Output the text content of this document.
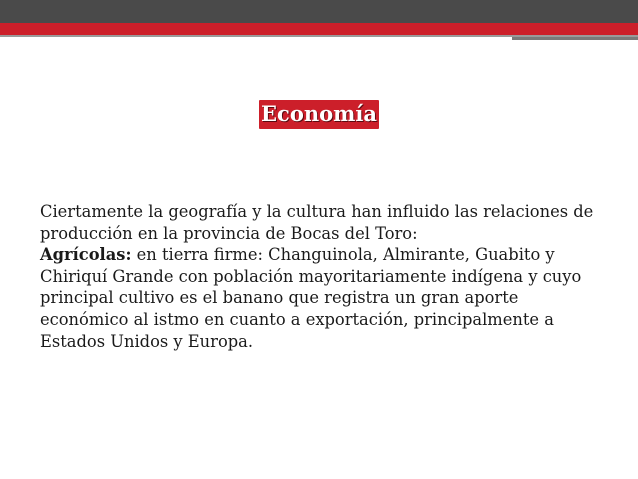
Economía

Ciertamente la geografía y la cultura han influido las relaciones de producción en la provincia de Bocas del Toro:

Agrícolas: en tierra firme: Changuinola, Almirante, Guabito y Chiriquí Grande con población mayoritariamente indígena y cuyo principal cultivo es el banano que registra un gran aporte económico al istmo en cuanto a exportación, principalmente a Estados Unidos y Europa.
